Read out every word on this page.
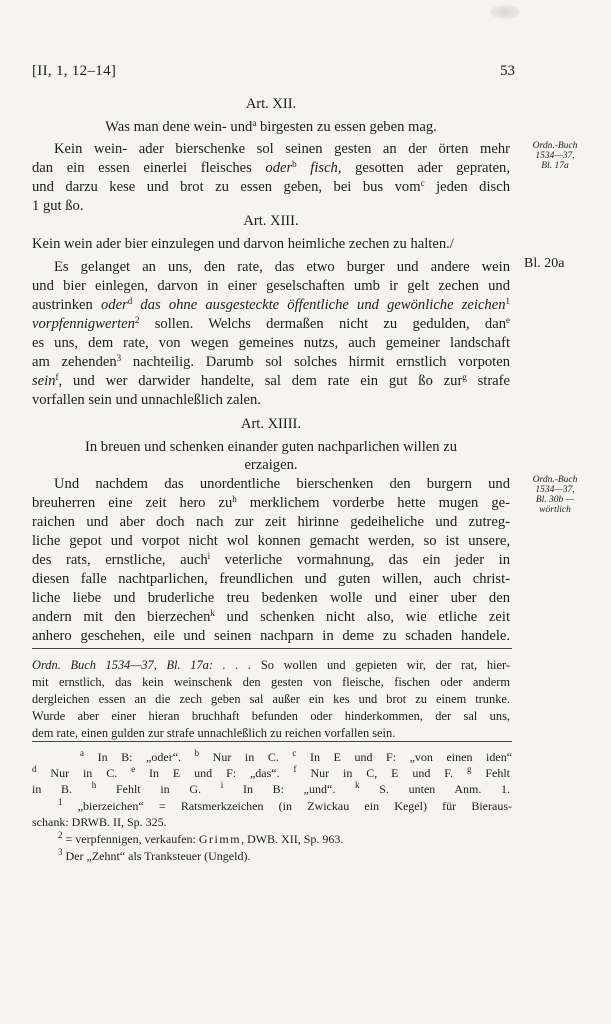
[II, 1, 12–14]	53
Art. XII.
Was man dene wein- und$^a$ birgesten zu essen geben mag.
Kein wein- ader bierschenke sol seinen gesten an der örten mehr
dan ein essen einerlei fleisches oder$^b$ fisch, gesotten ader gepraten,
und darzu kese und brot zu essen geben, bei bus vom$^c$ jeden disch
1 gut ßo.
Ordn.-Buch
1534—37,
Bl. 17a
Art. XIII.
Kein wein ader bier einzulegen und darvon heimliche zechen zu halten./
Es gelanget an uns, den rate, das etwo burger und andere wein
und bier einlegen, darvon in einer geselschaften umb ir gelt zechen und
austrinken oder$^d$ das ohne ausgesteckte öffentliche und gewönliche zeichen$^1$
vorpfennigwerten$^2$ sollen. Welchs dermaßen nicht zu gedulden, dan$^e$
es uns, dem rate, von wegen gemeines nutzs, auch gemeiner landschaft
am zehenden$^3$ nachteilig. Darumb sol solches hirmit ernstlich vorpoten
sein$^f$, und wer darwider handelte, sal dem rate ein gut ßo zur$^g$ strafe
vorfallen sein und unnachleßlich zalen.
Bl. 20a
Art. XIIII.
In breuen und schenken einander guten nachparlichen willen zu
erzaigen.
Und nachdem das unordentliche bierschenken den burgern und
breuherren eine zeit hero $zu^h$ merklichem vorderbe hette mugen ge-
raichen und aber doch nach zur zeit hirinne gedeiheliche und zutreg-
liche gepot und vorpot nicht wol konnen gemacht werden, so ist unsere,
des rats, ernstliche, auch$^i$ veterliche vormahnung, das ein jeder in
diesen falle nachtparlichen, freundlichen und guten willen, auch christ-
liche liebe und bruderliche treu bedenken wolle und einer uber den
andern mit den bierzechen$^k$ und schenken nicht also, wie etliche zeit
anhero geschehen, eile und seinen nachparn in deme zu schaden handele.
Ordn.-Buch
1534—37,
Bl. 30b —
wörtlich
Ordn. Buch 1534—37, Bl. 17a: . . . So wollen und gepieten wir, der rat, hier-
mit ernstlich, das kein weinschenk den gesten von fleische, fischen oder anderm
dergleichen essen an die zech geben sal außer ein kes und brot zu einem trunke.
Wurde aber einer hieran bruchhaft befunden oder hinderkommen, der sal uns,
dem rate, einen gulden zur strafe unnachleßlich zu reichen vorfallen sein.
$^a$ In B: „oder“. $^b$ Nur in C. $^c$ In E und F: „von einen iden“
$^d$ Nur in C. $^e$ In E und F: „das“. $^f$ Nur in C, E und F. $^g$ Fehlt
in B. $^h$ Fehlt in G. $^i$ In B: „und“. $^k$ S. unten Anm. 1.
$^1$ „bierzeichen“ = Ratsmerkzeichen (in Zwickau ein Kegel) für Bieraus-
schank: DRWB. II, Sp. 325.
$^2$ = verpfennigen, verkaufen: Grimm, DWB. XII, Sp. 963.
$^3$ Der „Zehnt“ als Tranksteuer (Ungeld).
